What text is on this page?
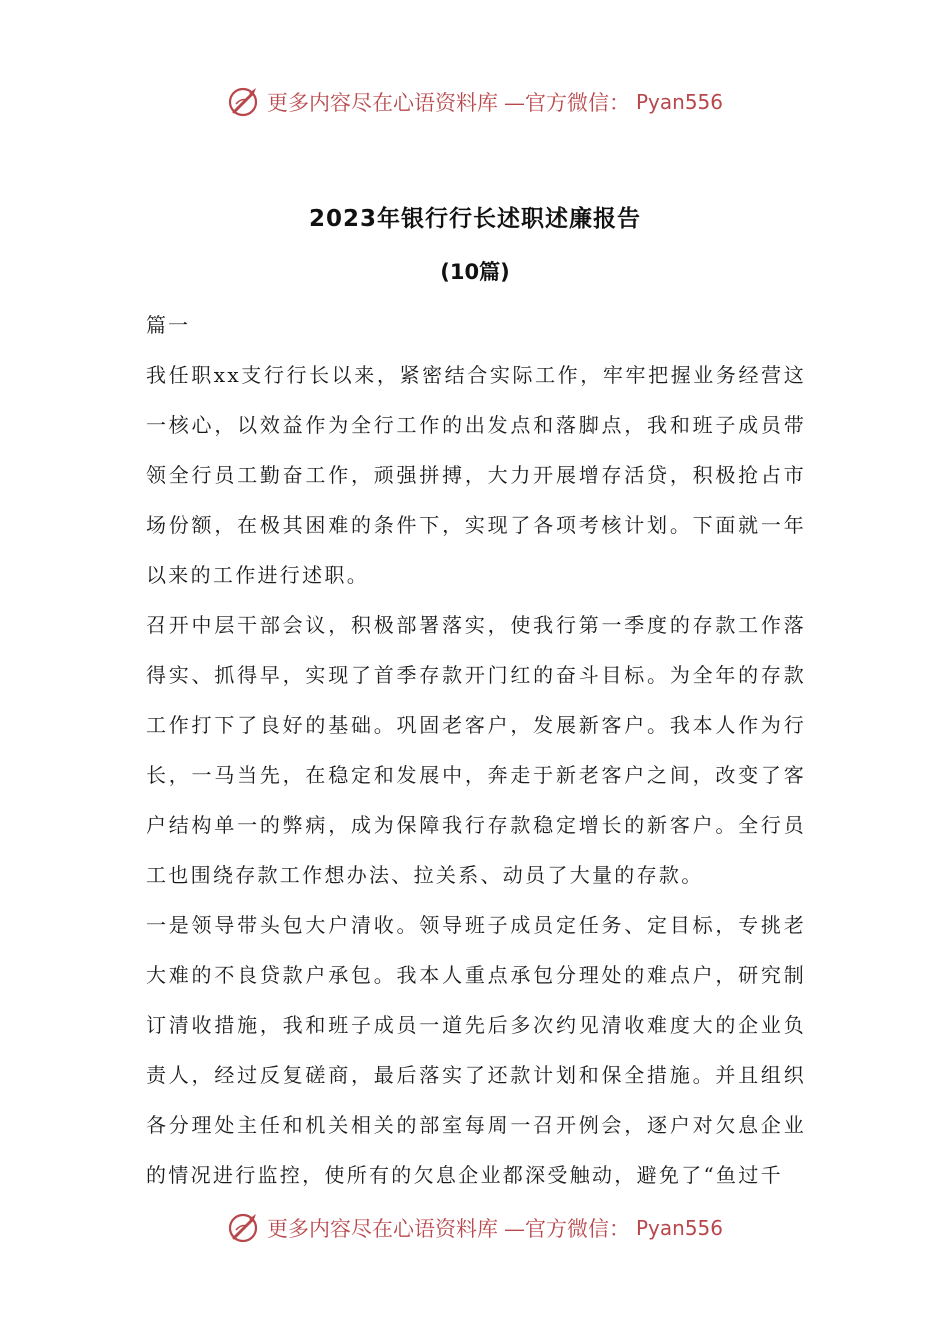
更多内容尽在心语资料库 —官方微信： Pyan556
2023年银行行长述职述廉报告
(10篇)

篇一

我任职xx支行行长以来，紧密结合实际工作，牢牢把握业务经营这一核心，以效益作为全行工作的出发点和落脚点，我和班子成员带领全行员工勤奋工作，顽强拼搏，大力开展增存活贷，积极抢占市场份额，在极其困难的条件下，实现了各项考核计划。下面就一年以来的工作进行述职。

召开中层干部会议，积极部署落实，使我行第一季度的存款工作落得实、抓得早，实现了首季存款开门红的奋斗目标。为全年的存款工作打下了良好的基础。巩固老客户，发展新客户。我本人作为行长，一马当先，在稳定和发展中，奔走于新老客户之间，改变了客户结构单一的弊病，成为保障我行存款稳定增长的新客户。全行员工也围绕存款工作想办法、拉关系、动员了大量的存款。

一是领导带头包大户清收。领导班子成员定任务、定目标，专挑老大难的不良贷款户承包。我本人重点承包分理处的难点户，研究制订清收措施，我和班子成员一道先后多次约见清收难度大的企业负责人，经过反复磋商，最后落实了还款计划和保全措施。并且组织各分理处主任和机关相关的部室每周一召开例会，逐户对欠息企业的情况进行监控，使所有的欠息企业都深受触动，避免了“鱼过千

更多内容尽在心语资料库 —官方微信： Pyan556
